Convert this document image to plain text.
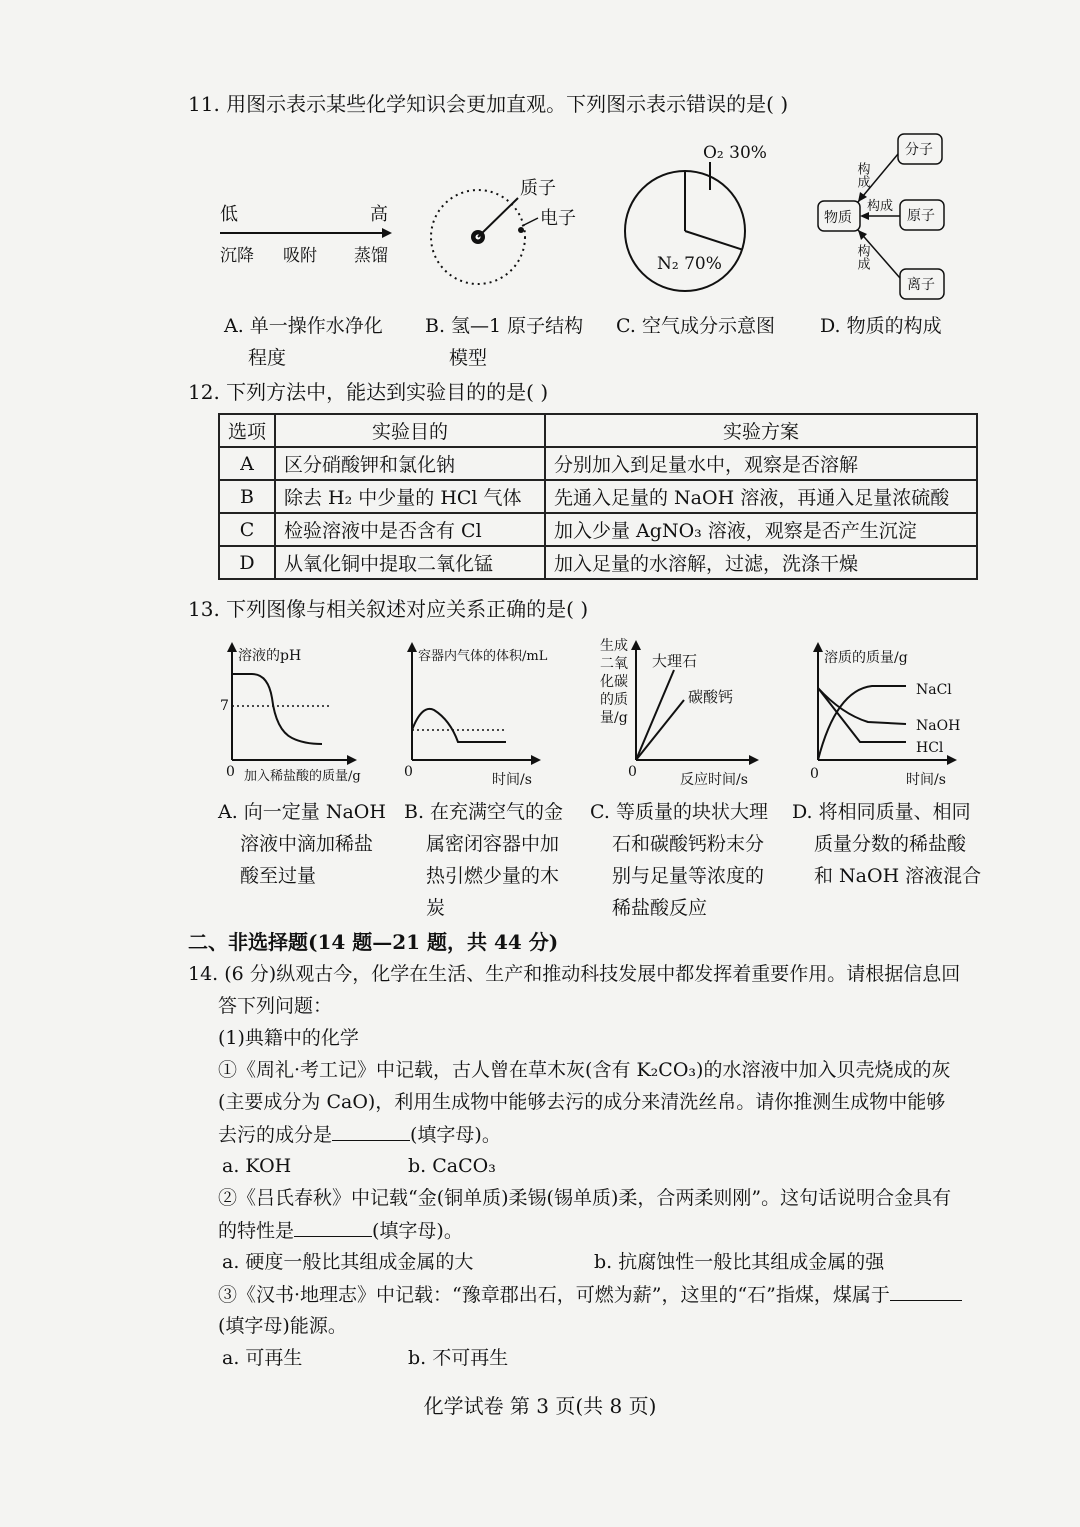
11. 用图示表示某些化学知识会更加直观。下列图示表示错误的是( )
低	高
沉降 吸附 蒸馏
质子
电子
O₂ 30%
N₂ 70%
物质
分子
原子
离子
构成
构成
构成
A. 单一操作水净化
程度
B. 氢—1 原子结构
模型
C. 空气成分示意图 D. 物质的构成
12. 下列方法中，能达到实验目的的是( )
选项	实验目的	实验方案
A	区分硝酸钾和氯化钠	分别加入到足量水中，观察是否溶解
B	除去 H₂ 中少量的 HCl 气体	先通入足量的 NaOH 溶液，再通入足量浓硫酸
C	检验溶液中是否含有 Cl	加入少量 AgNO₃ 溶液，观察是否产生沉淀
D	从氧化铜中提取二氧化锰	加入足量的水溶解，过滤，洗涤干燥
13. 下列图像与相关叙述对应关系正确的是( )
溶液的pH
7
0 加入稀盐酸的质量/g
容器内气体的体积/mL
0	时间/s
生成
二氧
化碳
的质
量/g
0	反应时间/s
大理石
碳酸钙
溶质的质量/g
0	时间/s
NaCl
NaOH
HCl
A. 向一定量 NaOH
溶液中滴加稀盐
酸至过量
B. 在充满空气的金
属密闭容器中加
热引燃少量的木
炭
C. 等质量的块状大理
石和碳酸钙粉末分
别与足量等浓度的
稀盐酸反应
D. 将相同质量、相同
质量分数的稀盐酸
和 NaOH 溶液混合
二、非选择题(14 题—21 题，共 44 分)
14. (6 分)纵观古今，化学在生活、生产和推动科技发展中都发挥着重要作用。请根据信息回
答下列问题：
(1)典籍中的化学
①《周礼·考工记》中记载，古人曾在草木灰(含有 K₂CO₃)的水溶液中加入贝壳烧成的灰
(主要成分为 CaO)，利用生成物中能够去污的成分来清洗丝帛。请你推测生成物中能够
去污的成分是	(填字母)。
a. KOH	b. CaCO₃
②《吕氏春秋》中记载“金(铜单质)柔锡(锡单质)柔，合两柔则刚”。这句话说明合金具有
的特性是	(填字母)。
a. 硬度一般比其组成金属的大	b. 抗腐蚀性一般比其组成金属的强
③《汉书·地理志》中记载：“豫章郡出石，可燃为薪”，这里的“石”指煤，煤属于
(填字母)能源。
a. 可再生	b. 不可再生
化学试卷 第 3 页(共 8 页)
